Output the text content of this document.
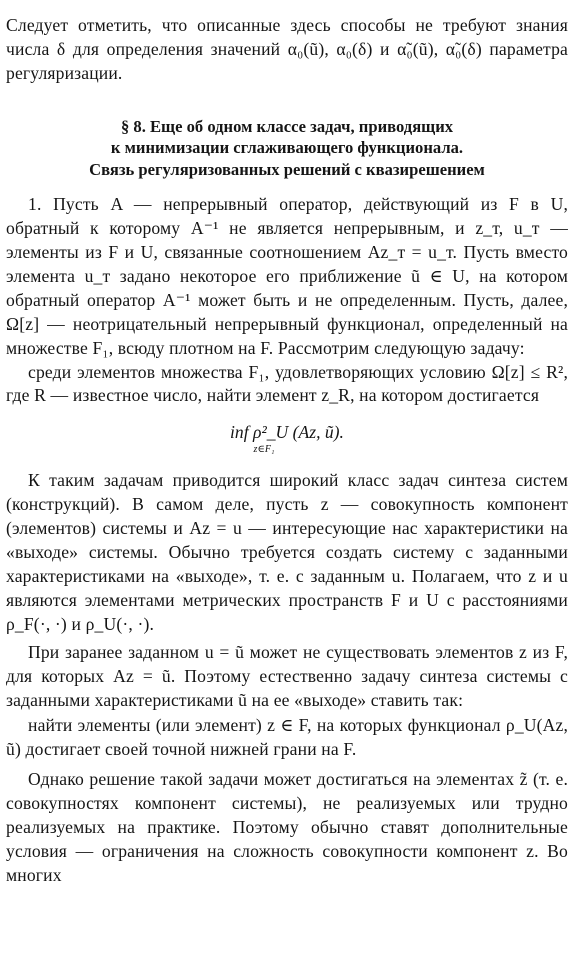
Следует отметить, что описанные здесь способы не требуют знания числа δ для определения значений α₀(ũ), α₀(δ) и α̃₀(ũ), α̃₀(δ) параметра регуляризации.

§ 8. Еще об одном классе задач, приводящих
к минимизации сглаживающего функционала.
Связь регуляризованных решений с квазирешением

1. Пусть A — непрерывный оператор, действующий из F в U, обратный к которому A⁻¹ не является непрерывным, и z_т, u_т — элементы из F и U, связанные соотношением Az_т = u_т. Пусть вместо элемента u_т задано некоторое его приближение ũ ∈ U, на котором обратный оператор A⁻¹ может быть и не определенным. Пусть, далее, Ω[z] — неотрицательный непрерывный функционал, определенный на множестве F₁, всюду плотном на F. Рассмотрим следующую задачу:

среди элементов множества F₁, удовлетворяющих условию Ω[z] ≤ R², где R — известное число, найти элемент z_R, на котором достигается

inf ρ²_U (Az, ũ).
z∈F₁

К таким задачам приводится широкий класс задач синтеза систем (конструкций). В самом деле, пусть z — совокупность компонент (элементов) системы и Az = u — интересующие нас характеристики на «выходе» системы. Обычно требуется создать систему с заданными характеристиками на «выходе», т. е. с заданным u. Полагаем, что z и u являются элементами метрических пространств F и U с расстояниями ρ_F(·, ·) и ρ_U(·, ·).

При заранее заданном u = ũ может не существовать элементов z из F, для которых Az = ũ. Поэтому естественно задачу синтеза системы с заданными характеристиками ũ на ее «выходе» ставить так:

найти элементы (или элемент) z ∈ F, на которых функционал ρ_U(Az, ũ) достигает своей точной нижней грани на F.

Однако решение такой задачи может достигаться на элементах z̃ (т. е. совокупностях компонент системы), не реализуемых или трудно реализуемых на практике. Поэтому обычно ставят дополнительные условия — ограничения на сложность совокупности компонент z. Во многих
